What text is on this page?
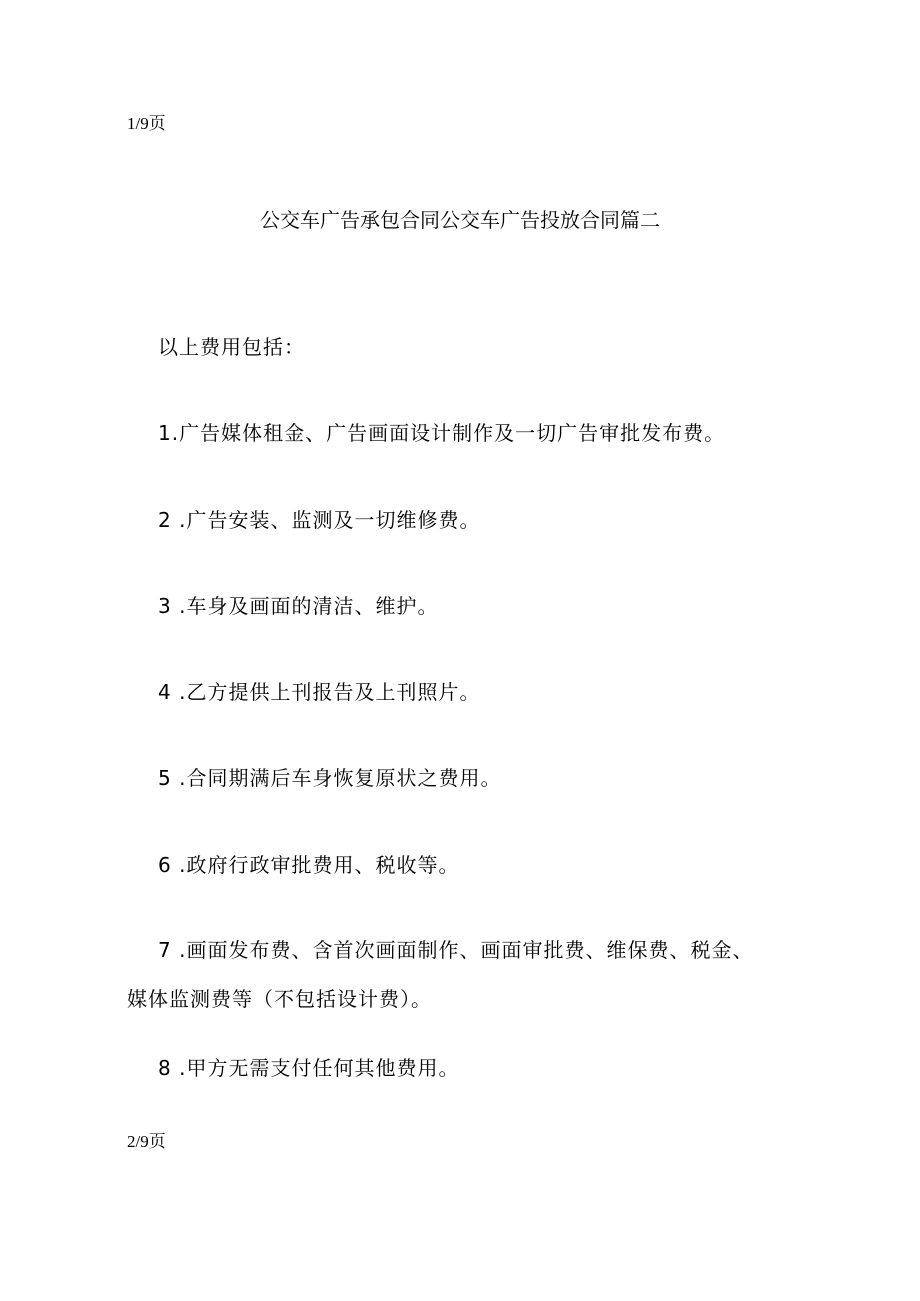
1/9页
公交车广告承包合同公交车广告投放合同篇二
以上费用包括：
1.广告媒体租金、广告画面设计制作及一切广告审批发布费。
2 .广告安装、监测及一切维修费。
3 .车身及画面的清洁、维护。
4 .乙方提供上刊报告及上刊照片。
5 .合同期满后车身恢复原状之费用。
6 .政府行政审批费用、税收等。
7 .画面发布费、含首次画面制作、画面审批费、维保费、税金、
媒体监测费等（不包括设计费）。
8 .甲方无需支付任何其他费用。
2/9页
